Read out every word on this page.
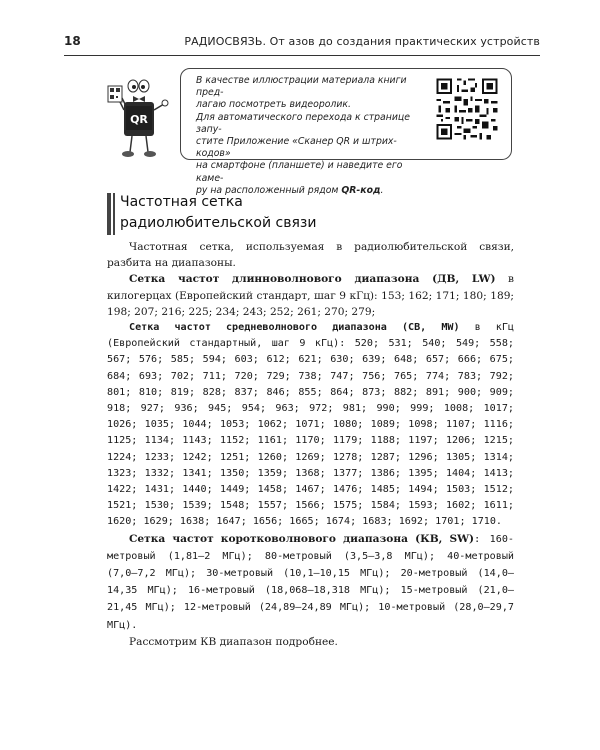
18	РАДИОСВЯЗЬ. От азов до создания практических устройств
QR

В качестве иллюстрации материала книги пред-

лагаю посмотреть видеоролик.

Для автоматического перехода к странице запу-

стите Приложение «Сканер QR и штрих-кодов»

на смартфоне (планшете) и наведите его каме-

ру на расположенный рядом QR-код.

Частотная сетка
радиолюбительской связи

Частотная сетка, используемая в радиолюбительской связи, разбита на диапазоны.

Сетка частот длинноволнового диапазона (ДВ, LW) в килогерцах (Европейский стандарт, шаг 9 кГц): 153; 162; 171; 180; 189; 198; 207; 216; 225; 234; 243; 252; 261; 270; 279;

Сетка частот средневолнового диапазона (СВ, MW) в кГц (Европейский стандартный, шаг 9 кГц): 520; 531; 540; 549; 558; 567; 576; 585; 594; 603; 612; 621; 630; 639; 648; 657; 666; 675; 684; 693; 702; 711; 720; 729; 738; 747; 756; 765; 774; 783; 792; 801; 810; 819; 828; 837; 846; 855; 864; 873; 882; 891; 900; 909; 918; 927; 936; 945; 954; 963; 972; 981; 990; 999; 1008; 1017; 1026; 1035; 1044; 1053; 1062; 1071; 1080; 1089; 1098; 1107; 1116; 1125; 1134; 1143; 1152; 1161; 1170; 1179; 1188; 1197; 1206; 1215; 1224; 1233; 1242; 1251; 1260; 1269; 1278; 1287; 1296; 1305; 1314; 1323; 1332; 1341; 1350; 1359; 1368; 1377; 1386; 1395; 1404; 1413; 1422; 1431; 1440; 1449; 1458; 1467; 1476; 1485; 1494; 1503; 1512; 1521; 1530; 1539; 1548; 1557; 1566; 1575; 1584; 1593; 1602; 1611; 1620; 1629; 1638; 1647; 1656; 1665; 1674; 1683; 1692; 1701; 1710.

Сетка частот коротковолнового диапазона (КВ, SW): 160-метровый (1,81–2 МГц); 80-метровый (3,5–3,8 МГц); 40-метровый (7,0–7,2 МГц); 30-метровый (10,1–10,15 МГц); 20-метровый (14,0–14,35 МГц); 16-метровый (18,068–18,318 МГц); 15-метровый (21,0–21,45 МГц); 12-метровый (24,89–24,89 МГц); 10-метровый (28,0–29,7 МГц).

Рассмотрим КВ диапазон подробнее.
